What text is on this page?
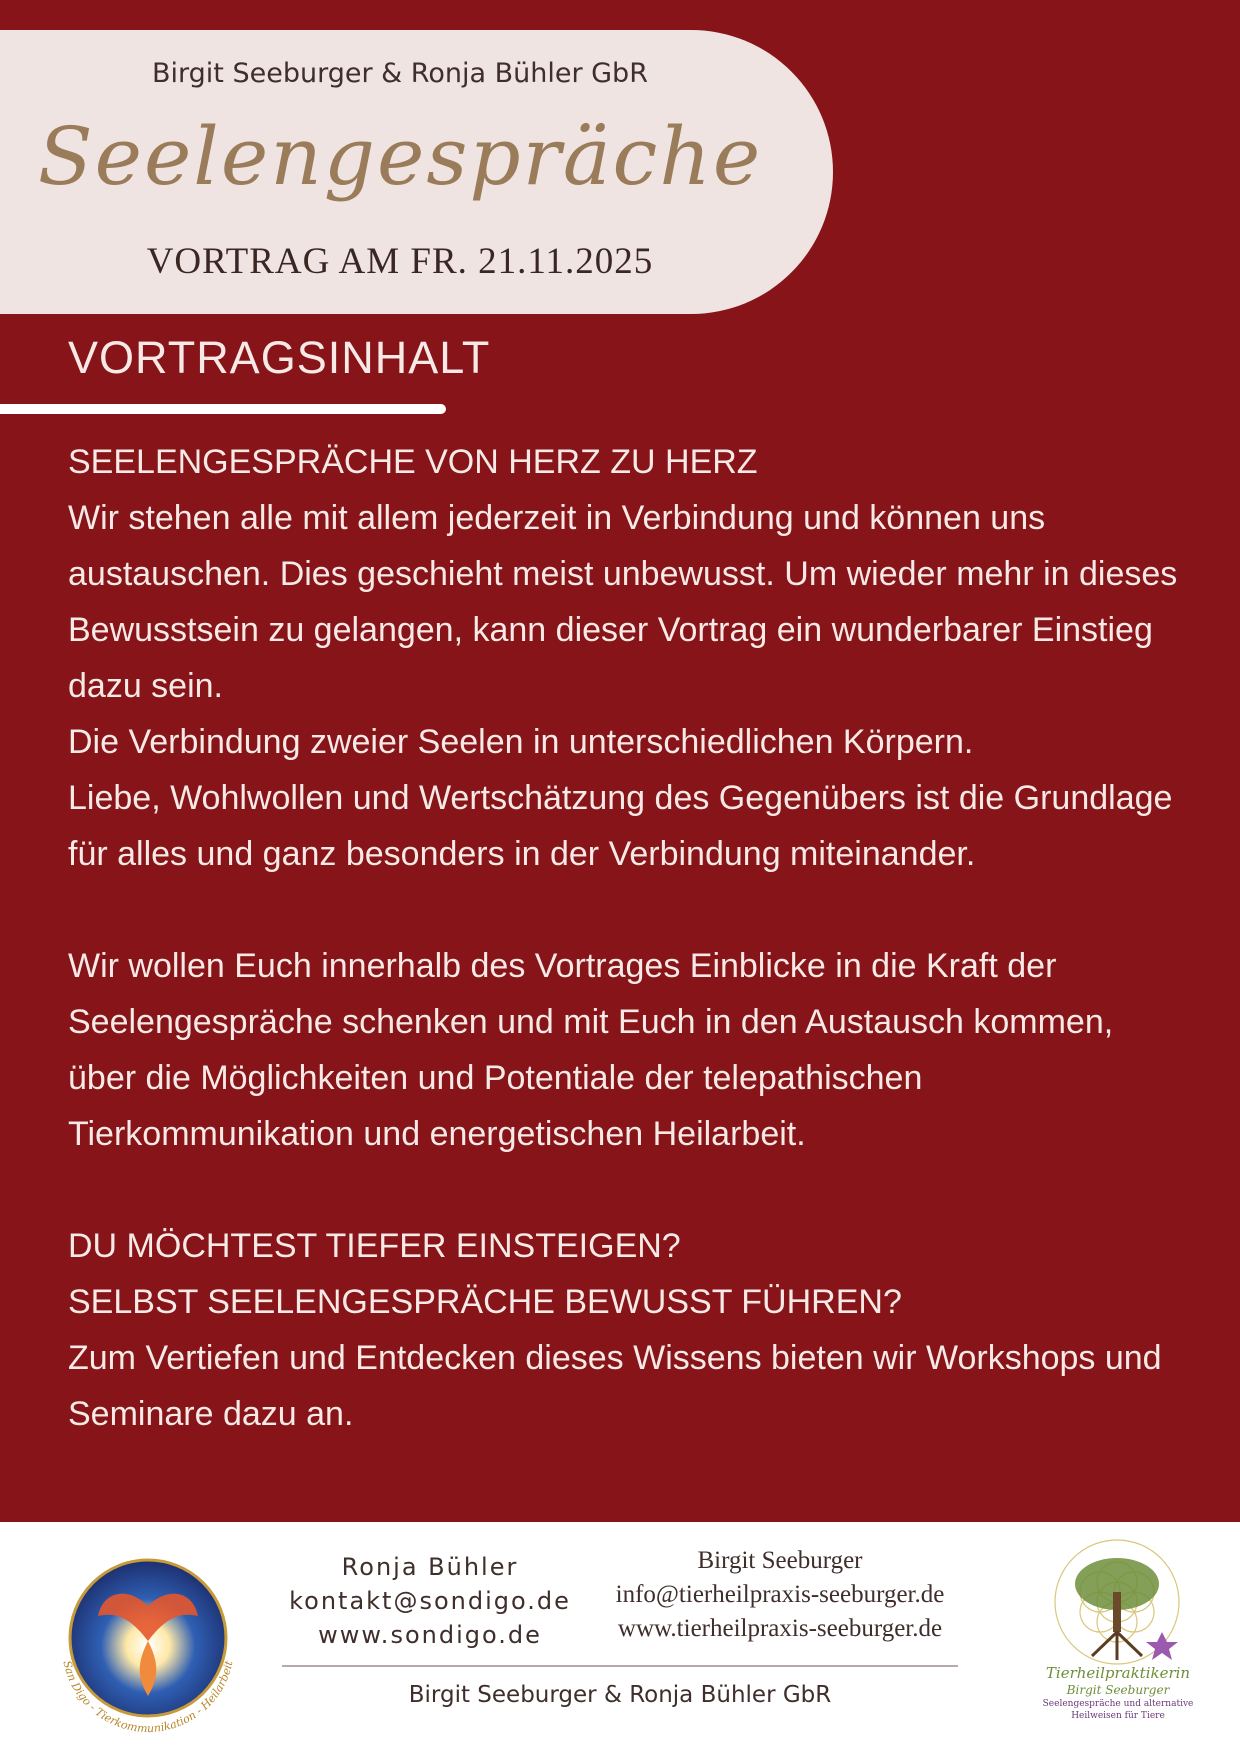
Birgit Seeburger & Ronja Bühler GbR
Seelengespräche
VORTRAG AM FR. 21.11.2025
VORTRAGSINHALT

SEELENGESPRÄCHE VON HERZ ZU HERZ

Wir stehen alle mit allem jederzeit in Verbindung und können uns austauschen. Dies geschieht meist unbewusst. Um wieder mehr in dieses Bewusstsein zu gelangen, kann dieser Vortrag ein wunderbarer Einstieg dazu sein.

Die Verbindung zweier Seelen in unterschiedlichen Körpern.

Liebe, Wohlwollen und Wertschätzung des Gegenübers ist die Grundlage für alles und ganz besonders in der Verbindung miteinander.

Wir wollen Euch innerhalb des Vortrages Einblicke in die Kraft der Seelengespräche schenken und mit Euch in den Austausch kommen, über die Möglichkeiten und Potentiale der telepathischen Tierkommunikation und energetischen Heilarbeit.

DU MÖCHTEST TIEFER EINSTEIGEN?

SELBST SEELENGESPRÄCHE BEWUSST FÜHREN?

Zum Vertiefen und Entdecken dieses Wissens bieten wir Workshops und Seminare dazu an.

San Digo - Tierkommunikation - Heilarbeit
Ronja Bühler
kontakt@sondigo.de
www.sondigo.de
Birgit Seeburger
info@tierheilpraxis-seeburger.de
www.tierheilpraxis-seeburger.de
Birgit Seeburger & Ronja Bühler GbR
Tierheilpraktikerin
Birgit Seeburger
Seelengespräche und alternative
Heilweisen für Tiere
